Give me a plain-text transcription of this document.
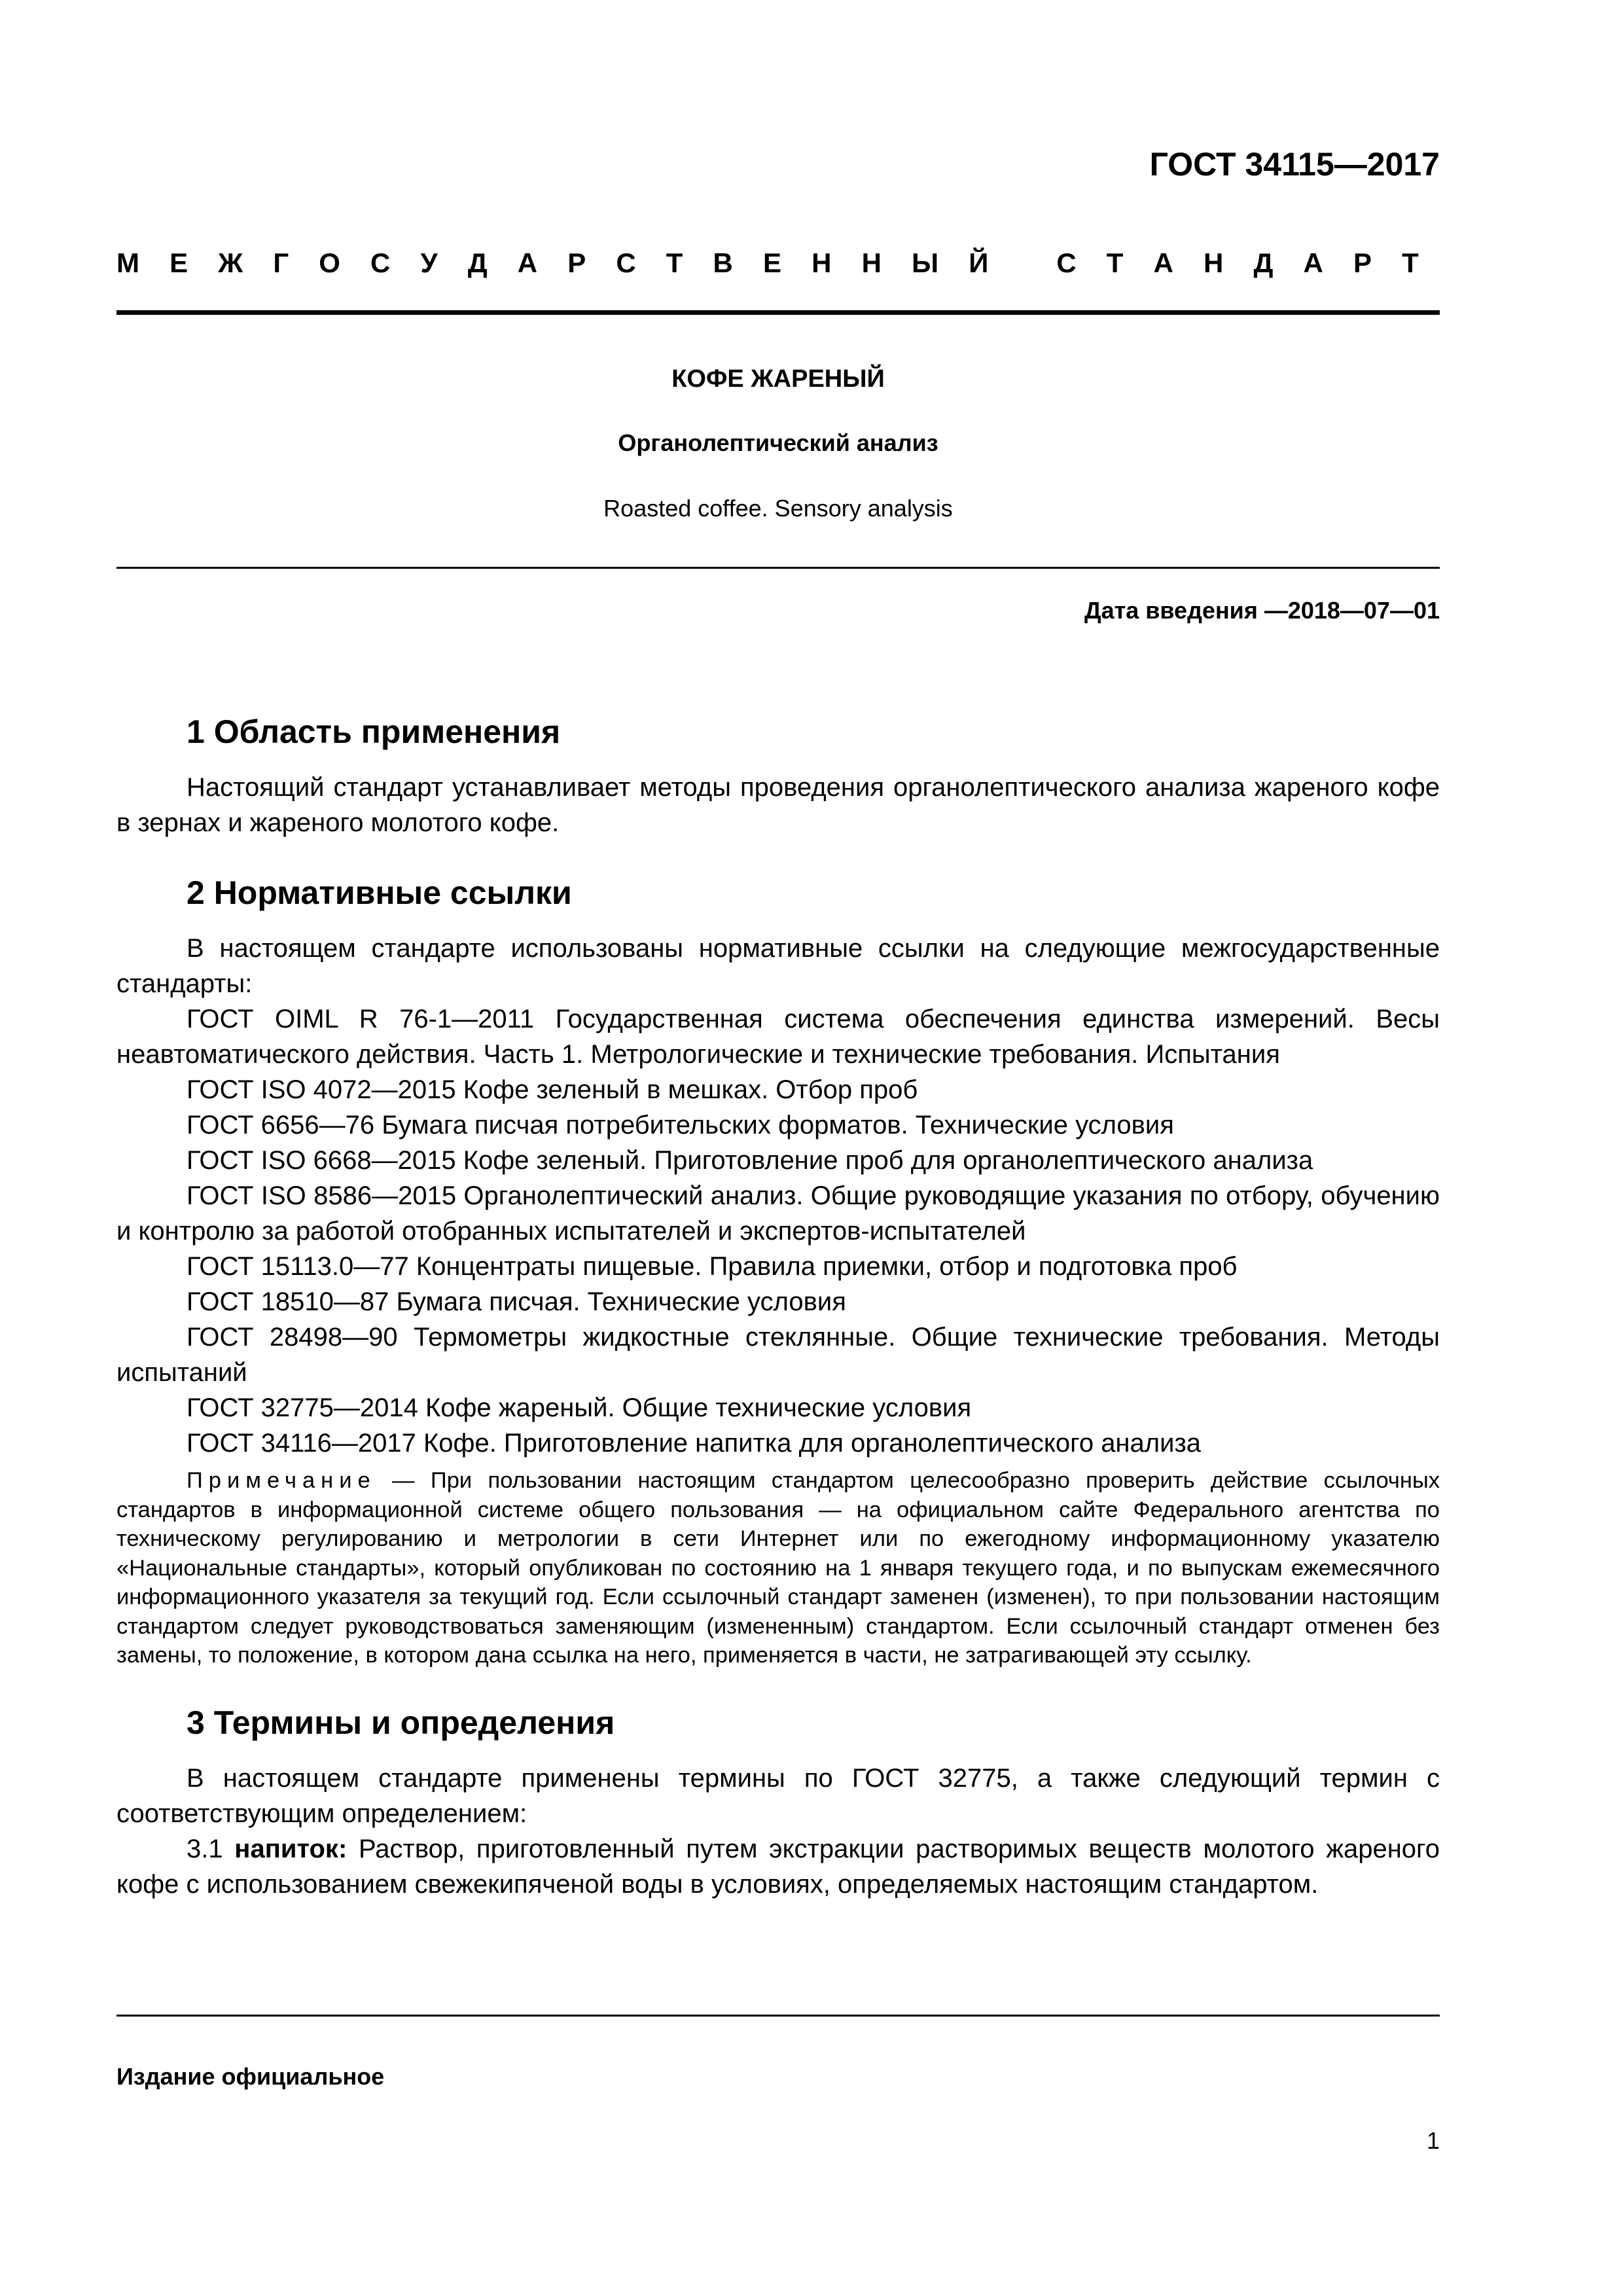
ГОСТ 34115—2017
М Е Ж Г О С У Д А Р С Т В Е Н Н Ы Й
С Т А Н Д А Р Т
КОФЕ ЖАРЕНЫЙ
Органолептический анализ
Roasted coffee. Sensory analysis
Дата введения —2018—07—01
1 Область применения

Настоящий стандарт устанавливает методы проведения органолептического анализа жареного кофе в зернах и жареного молотого кофе.

2 Нормативные ссылки

В настоящем стандарте использованы нормативные ссылки на следующие межгосударственные стандарты:

ГОСТ OIML R 76-1—2011 Государственная система обеспечения единства измерений. Весы неавтоматического действия. Часть 1. Метрологические и технические требования. Испытания

ГОСТ ISO 4072—2015 Кофе зеленый в мешках. Отбор проб

ГОСТ 6656—76 Бумага писчая потребительских форматов. Технические условия

ГОСТ ISO 6668—2015 Кофе зеленый. Приготовление проб для органолептического анализа

ГОСТ ISO 8586—2015 Органолептический анализ. Общие руководящие указания по отбору, обучению и контролю за работой отобранных испытателей и экспертов-испытателей

ГОСТ 15113.0—77 Концентраты пищевые. Правила приемки, отбор и подготовка проб

ГОСТ 18510—87 Бумага писчая. Технические условия

ГОСТ 28498—90 Термометры жидкостные стеклянные. Общие технические требования. Методы испытаний

ГОСТ 32775—2014 Кофе жареный. Общие технические условия

ГОСТ 34116—2017 Кофе. Приготовление напитка для органолептического анализа

Примечание — При пользовании настоящим стандартом целесообразно проверить действие ссылочных стандартов в информационной системе общего пользования — на официальном сайте Федерального агентства по техническому регулированию и метрологии в сети Интернет или по ежегодному информационному указателю «Национальные стандарты», который опубликован по состоянию на 1 января текущего года, и по выпускам ежемесячного информационного указателя за текущий год. Если ссылочный стандарт заменен (изменен), то при пользовании настоящим стандартом следует руководствоваться заменяющим (измененным) стандартом. Если ссылочный стандарт отменен без замены, то положение, в котором дана ссылка на него, применяется в части, не затрагивающей эту ссылку.

3 Термины и определения

В настоящем стандарте применены термины по ГОСТ 32775, а также следующий термин с соответствующим определением:

3.1 напиток: Раствор, приготовленный путем экстракции растворимых веществ молотого жареного кофе с использованием свежекипяченой воды в условиях, определяемых настоящим стандартом.

Издание официальное
1
